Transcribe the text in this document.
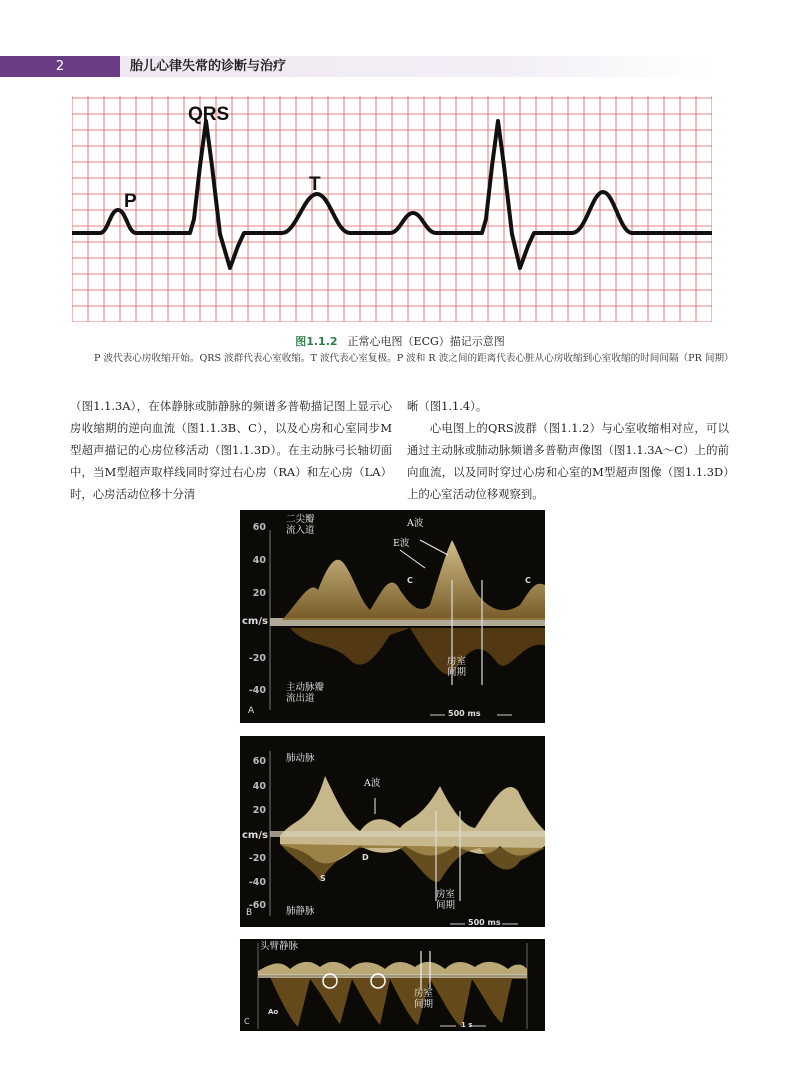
2	胎儿心律失常的诊断与治疗
QRS
P
T
图1.1.2 正常心电图（ECG）描记示意图
P 波代表心房收缩开始。QRS 波群代表心室收缩。T 波代表心室复极。P 波和 R 波之间的距离代表心脏从心房收缩到心室收缩的时间间隔（PR 间期）

（图1.1.3A），在体静脉或肺静脉的频谱多普勒描记图上显示心房收缩期的逆向血流（图1.1.3B、C），以及心房和心室同步M型超声描记的心房位移活动（图1.1.3D）。在主动脉弓长轴切面中，当M型超声取样线同时穿过右心房（RA）和左心房（LA）时，心房活动位移十分清

晰（图1.1.4）。

心电图上的QRS波群（图1.1.2）与心室收缩相对应，可以通过主动脉或肺动脉频谱多普勒声像图（图1.1.3A～C）上的前向血流，以及同时穿过心房和心室的M型超声图像（图1.1.3D）上的心室活动位移观察到。

60
40
20
cm/s
-20
-40
二尖瓣
流入道
主动脉瓣
流出道
A波
E波
C	C
房室
间期
500 ms
A
60
40
20
cm/s
-20
-40
-60
肺动脉
肺静脉
A波
D
S
房室
间期
500 ms
B
头臂静脉
房室
间期
Ao
1 s
C
